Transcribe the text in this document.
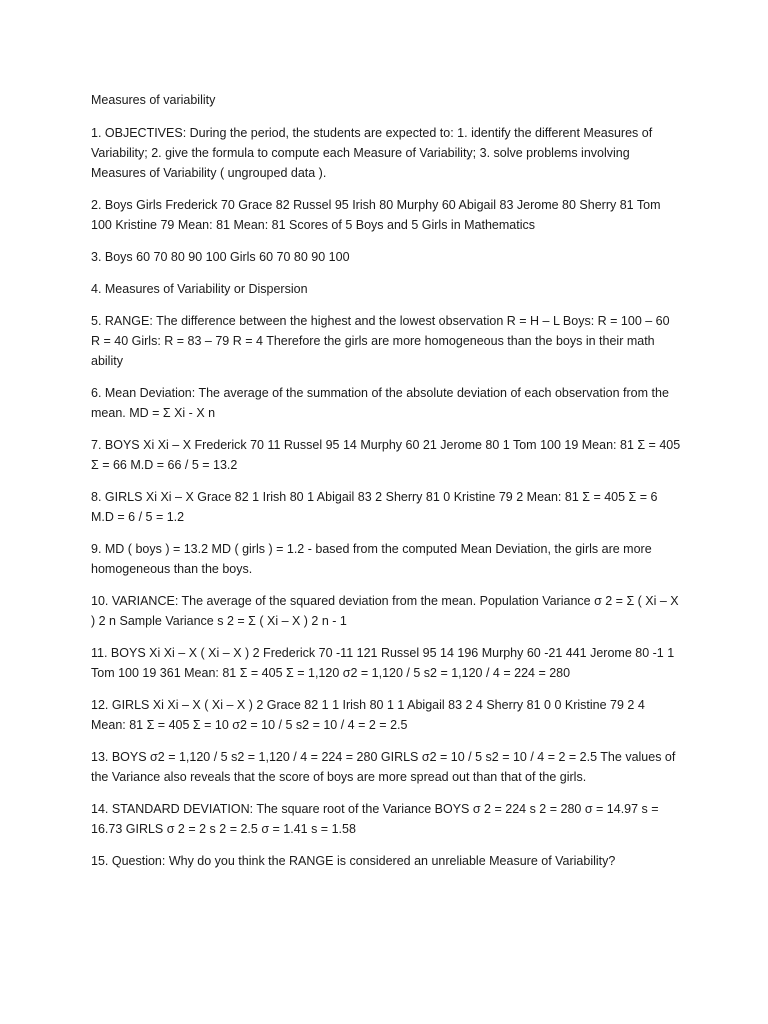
Measures of variability

1. OBJECTIVES: During the period, the students are expected to: 1. identify the different Measures of Variability; 2. give the formula to compute each Measure of Variability; 3. solve problems involving Measures of Variability ( ungrouped data ).

2. Boys Girls Frederick 70 Grace 82 Russel 95 Irish 80 Murphy 60 Abigail 83 Jerome 80 Sherry 81 Tom 100 Kristine 79 Mean: 81 Mean: 81 Scores of 5 Boys and 5 Girls in Mathematics

3. Boys 60 70 80 90 100 Girls 60 70 80 90 100

4. Measures of Variability or Dispersion

5. RANGE: The difference between the highest and the lowest observation R = H – L Boys: R = 100 – 60 R = 40 Girls: R = 83 – 79 R = 4 Therefore the girls are more homogeneous than the boys in their math ability

6. Mean Deviation: The average of the summation of the absolute deviation of each observation from the mean. MD = Σ Xi - X n

7. BOYS Xi Xi – X Frederick 70 11 Russel 95 14 Murphy 60 21 Jerome 80 1 Tom 100 19 Mean: 81 Σ = 405 Σ = 66 M.D = 66 / 5 = 13.2

8. GIRLS Xi Xi – X Grace 82 1 Irish 80 1 Abigail 83 2 Sherry 81 0 Kristine 79 2 Mean: 81 Σ = 405 Σ = 6 M.D = 6 / 5 = 1.2

9. MD ( boys ) = 13.2 MD ( girls ) = 1.2 - based from the computed Mean Deviation, the girls are more homogeneous than the boys.

10. VARIANCE: The average of the squared deviation from the mean. Population Variance σ 2 = Σ ( Xi – X ) 2 n Sample Variance s 2 = Σ ( Xi – X ) 2 n - 1

11. BOYS Xi Xi – X ( Xi – X ) 2 Frederick 70 -11 121 Russel 95 14 196 Murphy 60 -21 441 Jerome 80 -1 1 Tom 100 19 361 Mean: 81 Σ = 405 Σ = 1,120 σ2 = 1,120 / 5 s2 = 1,120 / 4 = 224 = 280

12. GIRLS Xi Xi – X ( Xi – X ) 2 Grace 82 1 1 Irish 80 1 1 Abigail 83 2 4 Sherry 81 0 0 Kristine 79 2 4 Mean: 81 Σ = 405 Σ = 10 σ2 = 10 / 5 s2 = 10 / 4 = 2 = 2.5

13. BOYS σ2 = 1,120 / 5 s2 = 1,120 / 4 = 224 = 280 GIRLS σ2 = 10 / 5 s2 = 10 / 4 = 2 = 2.5 The values of the Variance also reveals that the score of boys are more spread out than that of the girls.

14. STANDARD DEVIATION: The square root of the Variance BOYS σ 2 = 224 s 2 = 280 σ = 14.97 s = 16.73 GIRLS σ 2 = 2 s 2 = 2.5 σ = 1.41 s = 1.58

15. Question: Why do you think the RANGE is considered an unreliable Measure of Variability?
